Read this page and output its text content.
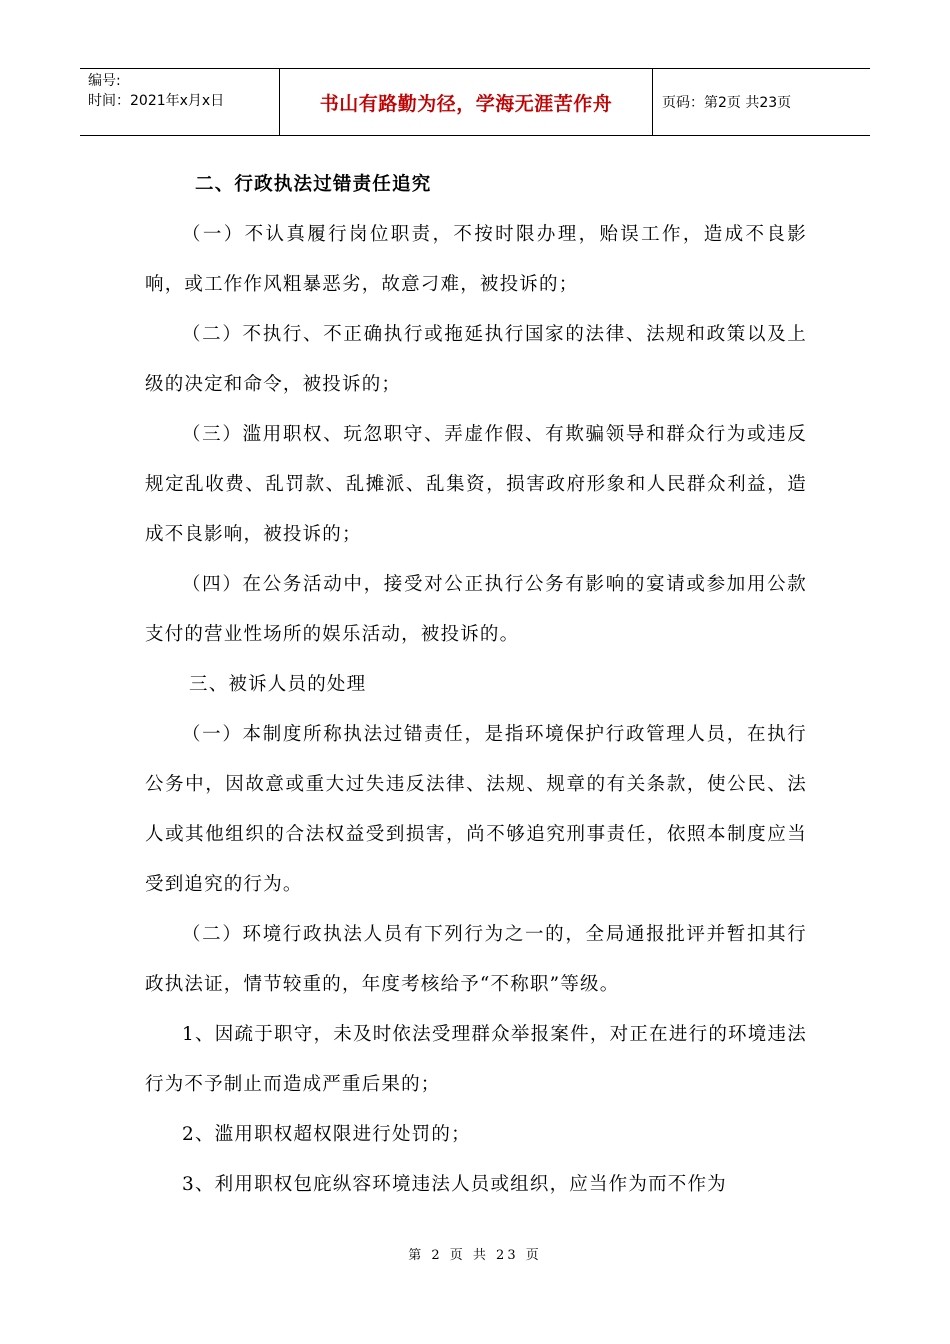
编号:
时间：2021年x月x日	书山有路勤为径，学海无涯苦作舟	页码：第2页 共23页

二、行政执法过错责任追究

（一）不认真履行岗位职责，不按时限办理，贻误工作，造成不良影响，或工作作风粗暴恶劣，故意刁难，被投诉的；

（二）不执行、不正确执行或拖延执行国家的法律、法规和政策以及上级的决定和命令，被投诉的；

（三）滥用职权、玩忽职守、弄虚作假、有欺骗领导和群众行为或违反规定乱收费、乱罚款、乱摊派、乱集资，损害政府形象和人民群众利益，造成不良影响，被投诉的；

（四）在公务活动中，接受对公正执行公务有影响的宴请或参加用公款支付的营业性场所的娱乐活动，被投诉的。

三、被诉人员的处理

（一）本制度所称执法过错责任，是指环境保护行政管理人员，在执行公务中，因故意或重大过失违反法律、法规、规章的有关条款，使公民、法人或其他组织的合法权益受到损害，尚不够追究刑事责任，依照本制度应当受到追究的行为。

（二）环境行政执法人员有下列行为之一的，全局通报批评并暂扣其行政执法证，情节较重的，年度考核给予“不称职”等级。

1、因疏于职守，未及时依法受理群众举报案件，对正在进行的环境违法行为不予制止而造成严重后果的；

2、滥用职权超权限进行处罚的；

3、利用职权包庇纵容环境违法人员或组织，应当作为而不作为

第 2 页 共 23 页
